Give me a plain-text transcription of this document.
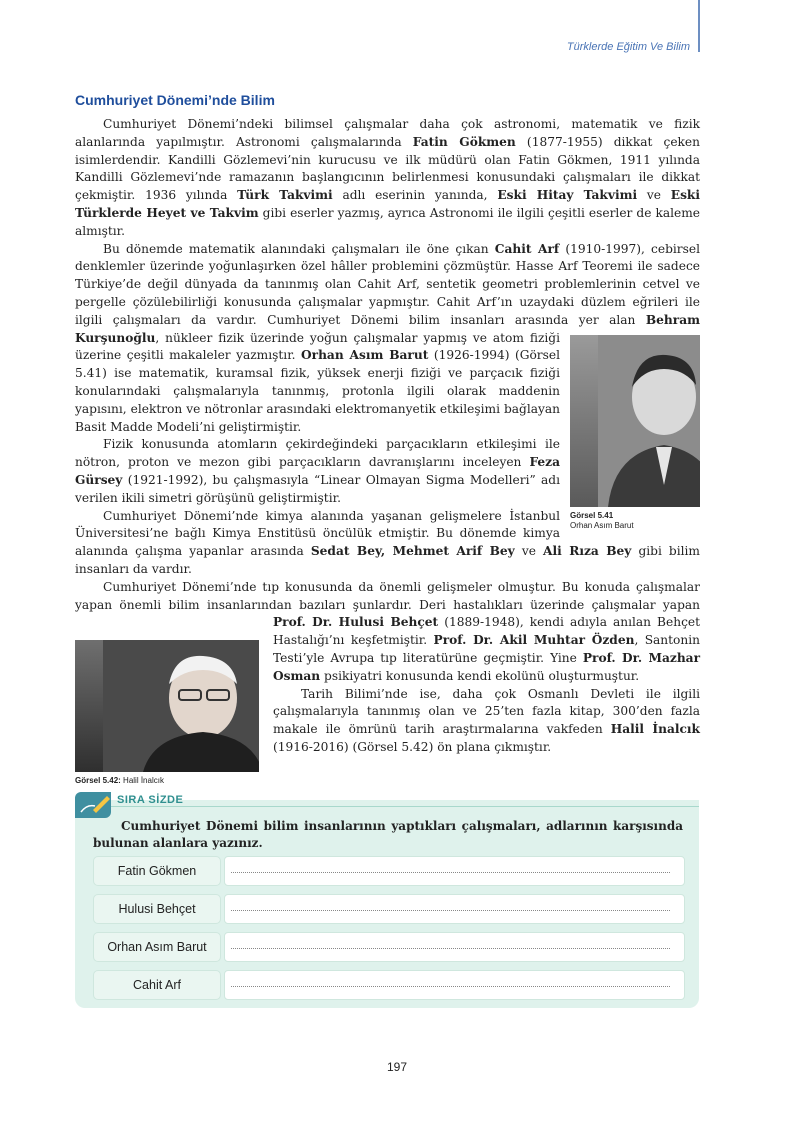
Türklerde Eğitim Ve Bilim
Cumhuriyet Dönemi’nde Bilim

Cumhuriyet Dönemi’ndeki bilimsel çalışmalar daha çok astronomi, matematik ve fizik alanlarında yapılmıştır. Astronomi çalışmalarında Fatin Gökmen (1877-1955) dikkat çeken isimlerdendir. Kandilli Gözlemevi’nin kurucusu ve ilk müdürü olan Fatin Gökmen, 1911 yılında Kandilli Gözlemevi’nde ramazanın başlangıcının belirlenmesi konusundaki çalışmaları ile dikkat çekmiştir. 1936 yılında Türk Takvimi adlı eserinin yanında, Eski Hitay Takvimi ve Eski Türklerde Heyet ve Takvim gibi eserler yazmış, ayrıca Astronomi ile ilgili çeşitli eserler de kaleme almıştır.

Bu dönemde matematik alanındaki çalışmaları ile öne çıkan Cahit Arf (1910-1997), cebirsel denklemler üzerinde yoğunlaşırken özel hâller problemini çözmüştür. Hasse Arf Teoremi ile sadece Türkiye’de değil dünyada da tanınmış olan Cahit Arf, sentetik geometri problemlerinin cetvel ve pergelle çözülebilirliği konusunda çalışmalar yapmıştır. Cahit Arf’ın uzaydaki düzlem eğrileri ile ilgili çalışmaları da vardır. Cumhuriyet Dönemi bilim insanları arasında yer alan
Görsel 5.41
Orhan Asım Barut
Behram Kurşunoğlu, nükleer fizik üzerinde yoğun çalışmalar yapmış ve atom fiziği üzerine çeşitli makaleler yazmıştır. Orhan Asım Barut (1926-1994) (Görsel 5.41) ise matematik, kuramsal fizik, yüksek enerji fiziği ve parçacık fiziği konularındaki çalışmalarıyla tanınmış, protonla ilgili olarak maddenin yapısını, elektron ve nötronlar arasındaki elektromanyetik etkileşimi bağlayan Basit Madde Modeli’ni geliştirmiştir.

Fizik konusunda atomların çekirdeğindeki parçacıkların etkileşimi ile nötron, proton ve mezon gibi parçacıkların davranışlarını inceleyen Feza Gürsey (1921-1992), bu çalışmasıyla “Linear Olmayan Sigma Modelleri” adı verilen ikili simetri görüşünü geliştirmiştir.

Cumhuriyet Dönemi’nde kimya alanında yaşanan gelişmelere İstanbul Üniversitesi’ne bağlı Kimya Enstitüsü öncülük etmiştir. Bu dönemde kimya alanında çalışma yapanlar arasında Sedat Bey, Mehmet Arif Bey ve Ali Rıza Bey gibi bilim insanları da vardır.

Cumhuriyet Dönemi’nde tıp konusunda da önemli gelişmeler olmuştur. Bu konuda çalışmalar yapan önemli bilim insanlarından bazıları şunlardır. Deri hastalıkları üzerinde çalışmalar yapan
Görsel 5.42: Halil İnalcık
Prof. Dr. Hulusi Behçet (1889-1948), kendi adıyla anılan Behçet Hastalığı’nı keşfetmiştir. Prof. Dr. Akil Muhtar Özden, Santonin Testi’yle Avrupa tıp literatürüne geçmiştir. Yine Prof. Dr. Mazhar Osman psikiyatri konusunda kendi ekolünü oluşturmuştur.

Tarih Bilimi’nde ise, daha çok Osmanlı Devleti ile ilgili çalışmalarıyla tanınmış olan ve 25’ten fazla kitap, 300’den fazla makale ile ömrünü tarih araştırmalarına vakfeden Halil İnalcık (1916-2016) (Görsel 5.42) ön plana çıkmıştır.

SIRA SİZDE
Cumhuriyet Dönemi bilim insanlarının yaptıkları çalışmaları, adlarının karşısında bulunan alanlara yazınız.
Fatin Gökmen
Hulusi Behçet
Orhan Asım Barut
Cahit Arf
197
